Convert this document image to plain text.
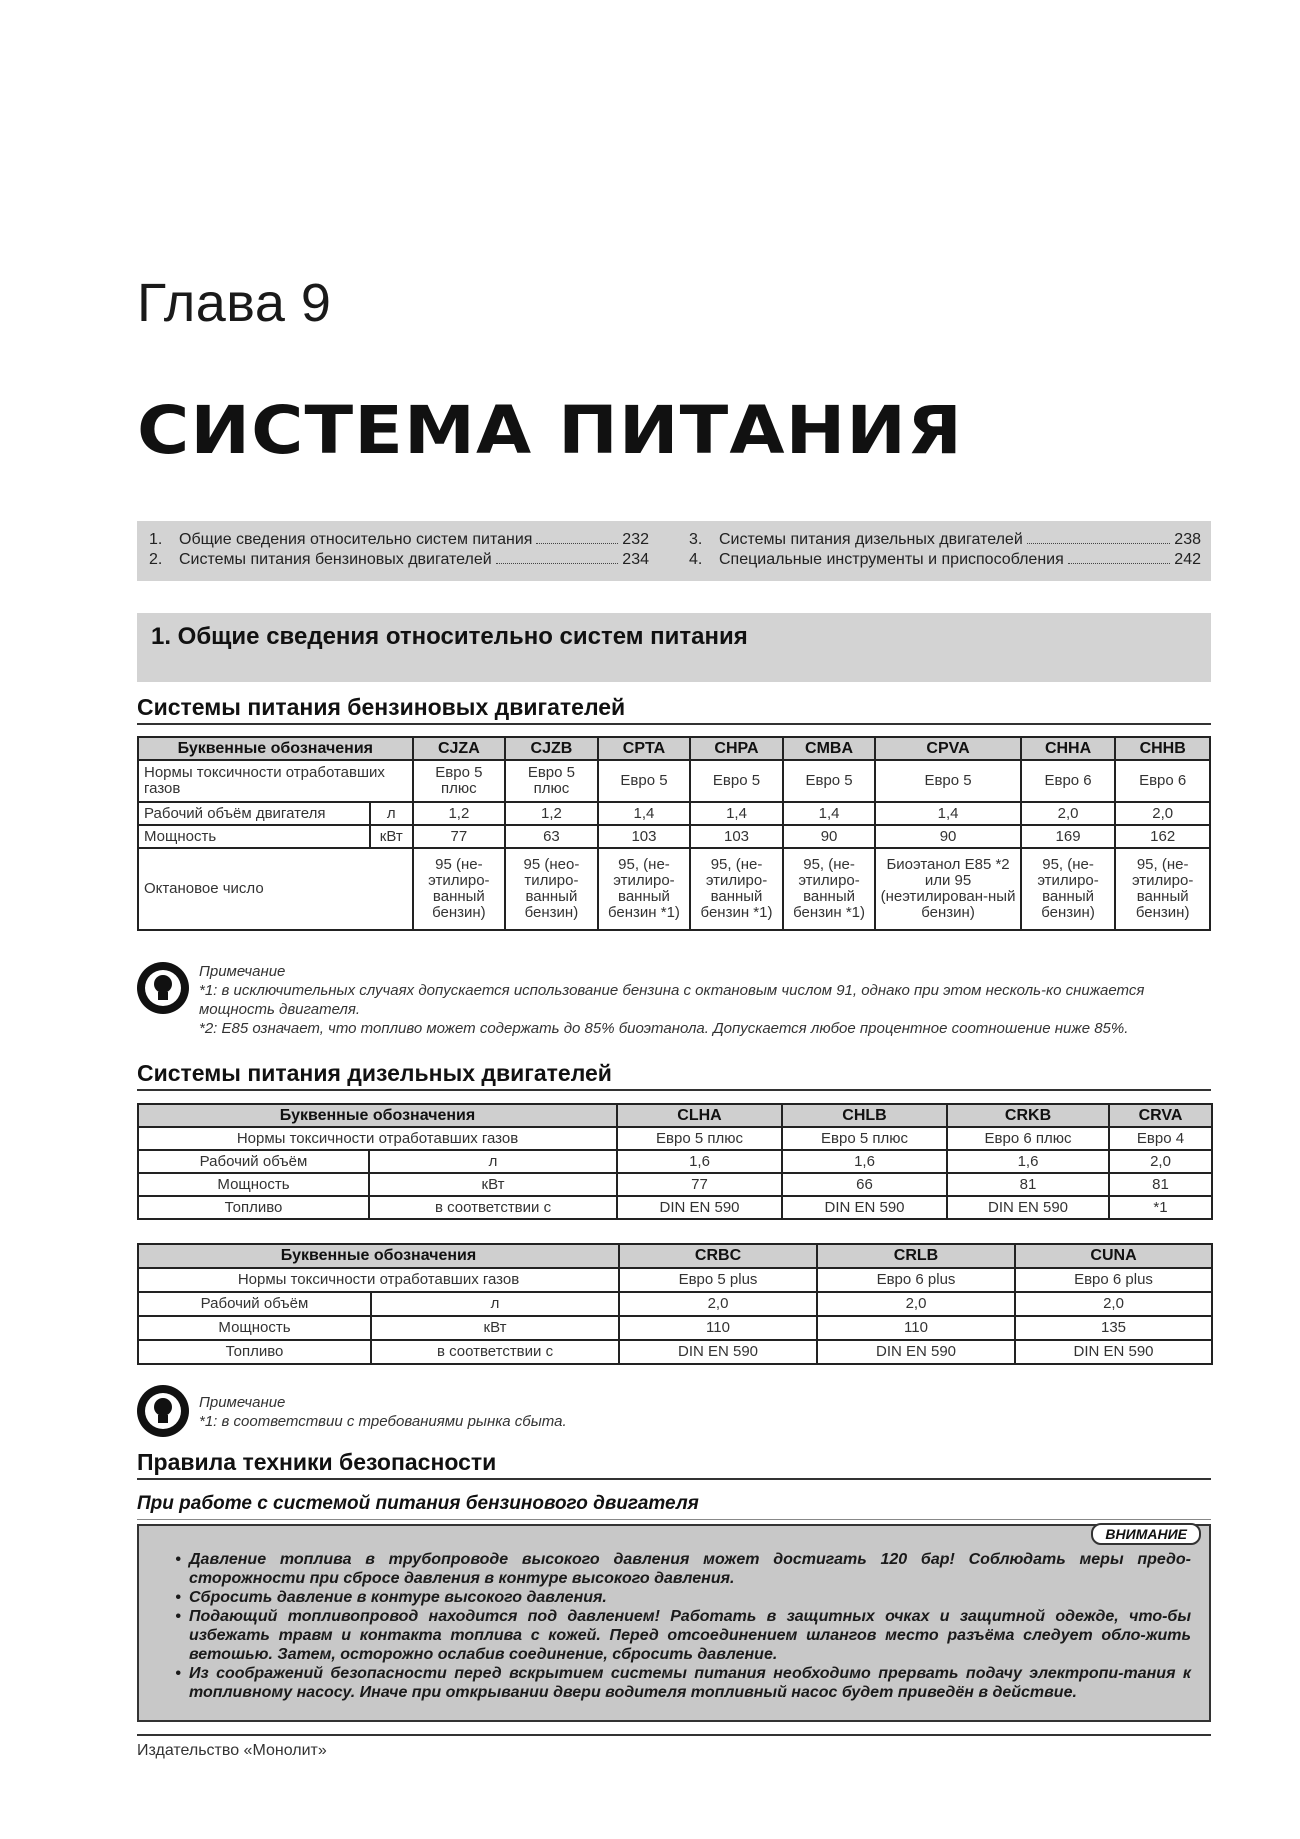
Глава 9
СИСТЕМА ПИТАНИЯ
1.	Общие сведения относительно систем питания	232	3.	Системы питания дизельных двигателей	238
2.	Системы питания бензиновых двигателей	234	4.	Специальные инструменты и приспособления	242
1. Общие сведения относительно систем питания
Системы питания бензиновых двигателей
Буквенные обозначения		CJZA	CJZB	CPTA	CHPA	CMBA	CPVA	CHHA	CHHB
Нормы токсичности отработавших газов		Евро 5 плюс	Евро 5 плюс	Евро 5	Евро 5	Евро 5	Евро 5	Евро 6	Евро 6
Рабочий объём двигателя	л	1,2	1,2	1,4	1,4	1,4	1,4	2,0	2,0
Мощность	кВт	77	63	103	103	90	90	169	162
Октановое число		95 (не-этилиро-ванный бензин)	95 (нео-тилиро-ванный бензин)	95, (не-этилиро-ванный бензин *1)	95, (не-этилиро-ванный бензин *1)	95, (не-этилиро-ванный бензин *1)	Биоэтанол E85 *2 или 95 (неэтилирован-ный бензин)	95, (не-этилиро-ванный бензин)	95, (не-этилиро-ванный бензин)
Примечание
*1: в исключительных случаях допускается использование бензина с октановым числом 91, однако при этом несколь-ко снижается мощность двигателя.
*2: E85 означает, что топливо может содержать до 85% биоэтанола. Допускается любое процентное соотношение ниже 85%.
Системы питания дизельных двигателей
Буквенные обозначения		CLHA	CHLB	CRKB	CRVA
Нормы токсичности отработавших газов		Евро 5 плюс	Евро 5 плюс	Евро 6 плюс	Евро 4
Рабочий объём	л	1,6	1,6	1,6	2,0
Мощность	кВт	77	66	81	81
Топливо	в соответствии с	DIN EN 590	DIN EN 590	DIN EN 590	*1
Буквенные обозначения		CRBC	CRLB	CUNA
Нормы токсичности отработавших газов		Евро 5 plus	Евро 6 plus	Евро 6 plus
Рабочий объём	л	2,0	2,0	2,0
Мощность	кВт	110	110	135
Топливо	в соответствии с	DIN EN 590	DIN EN 590	DIN EN 590
Примечание
*1: в соответствии с требованиями рынка сбыта.
Правила техники безопасности
При работе с системой питания бензинового двигателя
ВНИМАНИЕ
• Давление топлива в трубопроводе высокого давления может достигать 120 бар! Соблюдать меры предо-сторожности при сбросе давления в контуре высокого давления.
• Сбросить давление в контуре высокого давления.
• Подающий топливопровод находится под давлением! Работать в защитных очках и защитной одежде, что-бы избежать травм и контакта топлива с кожей. Перед отсоединением шлангов место разъёма следует обло-жить ветошью. Затем, осторожно ослабив соединение, сбросить давление.
• Из соображений безопасности перед вскрытием системы питания необходимо прервать подачу электропи-тания к топливному насосу. Иначе при открывании двери водителя топливный насос будет приведён в действие.
Издательство «Монолит»
